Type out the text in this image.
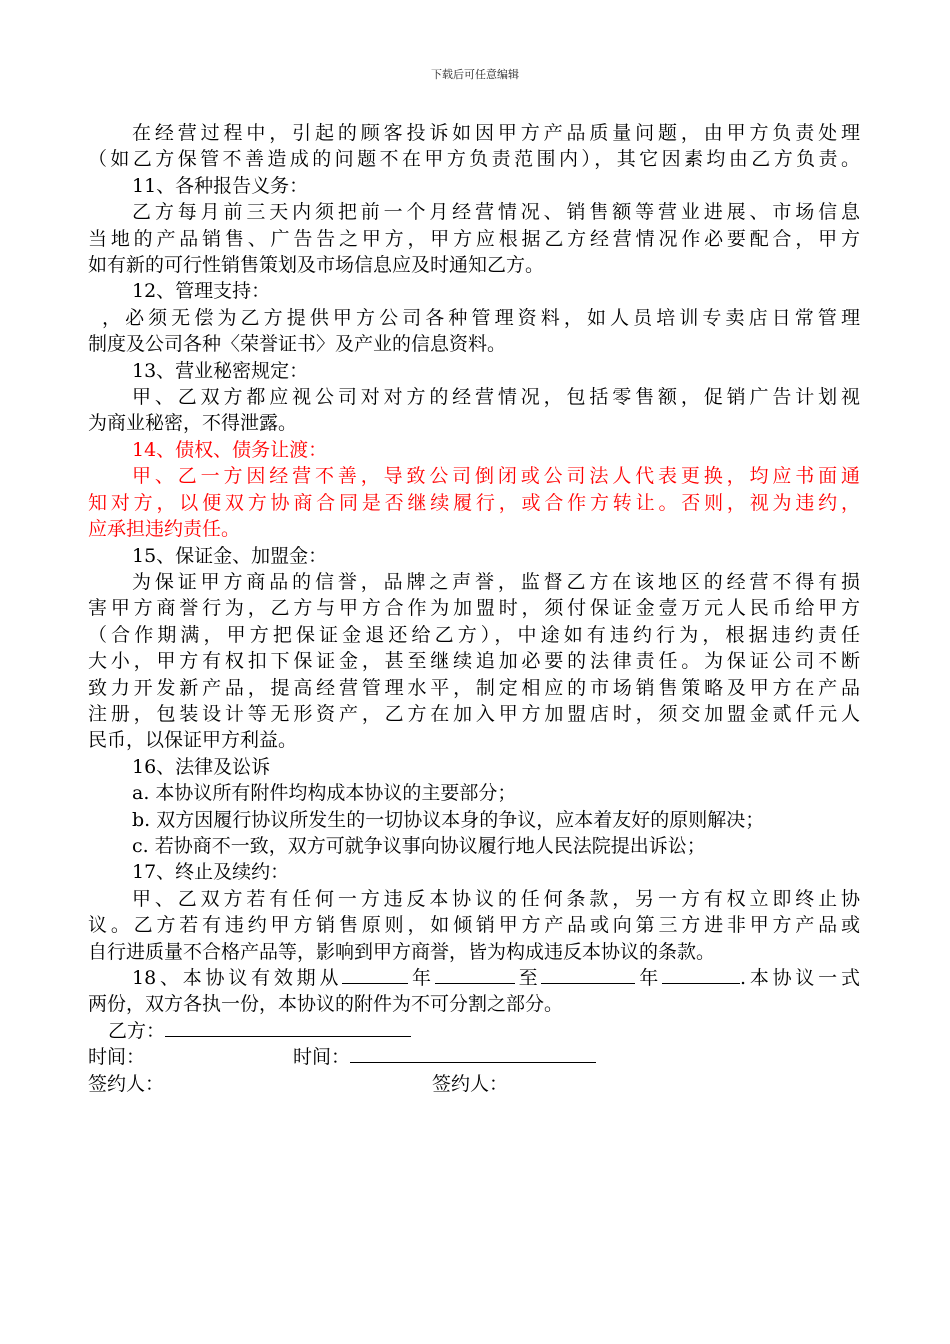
下载后可任意编辑
在经营过程中，引起的顾客投诉如因甲方产品质量问题，由甲方负责处理
（如乙方保管不善造成的问题不在甲方负责范围内），其它因素均由乙方负责。
11、各种报告义务：
乙方每月前三天内须把前一个月经营情况、销售额等营业进展、市场信息
当地的产品销售、广告告之甲方，甲方应根据乙方经营情况作必要配合，甲方
如有新的可行性销售策划及市场信息应及时通知乙方。
12、管理支持：
，必须无偿为乙方提供甲方公司各种管理资料，如人员培训专卖店日常管理
制度及公司各种〈荣誉证书〉及产业的信息资料。
13、营业秘密规定：
甲、乙双方都应视公司对对方的经营情况，包括零售额，促销广告计划视
为商业秘密，不得泄露。
14、债权、债务让渡：
甲、乙一方因经营不善，导致公司倒闭或公司法人代表更换，均应书面通
知对方，以便双方协商合同是否继续履行，或合作方转让。否则，视为违约，
应承担违约责任。
15、保证金、加盟金：
为保证甲方商品的信誉，品牌之声誉，监督乙方在该地区的经营不得有损
害甲方商誉行为，乙方与甲方合作为加盟时，须付保证金壹万元人民币给甲方
（合作期满，甲方把保证金退还给乙方），中途如有违约行为，根据违约责任
大小，甲方有权扣下保证金，甚至继续追加必要的法律责任。为保证公司不断
致力开发新产品，提高经营管理水平，制定相应的市场销售策略及甲方在产品
注册，包装设计等无形资产，乙方在加入甲方加盟店时，须交加盟金贰仟元人
民币，以保证甲方利益。
16、法律及讼诉
a. 本协议所有附件均构成本协议的主要部分；
b. 双方因履行协议所发生的一切协议本身的争议，应本着友好的原则解决；
c. 若协商不一致，双方可就争议事向协议履行地人民法院提出诉讼；
17、终止及续约：
甲、乙双方若有任何一方违反本协议的任何条款，另一方有权立即终止协
议。乙方若有违约甲方销售原则，如倾销甲方产品或向第三方进非甲方产品或
自行进质量不合格产品等，影响到甲方商誉，皆为构成违反本协议的条款。
18、本协议有效期从	年	至	年	.本协议一式
两份，双方各执一份，本协议的附件为不可分割之部分。
乙方：
时间：	时间：
签约人：	签约人：
